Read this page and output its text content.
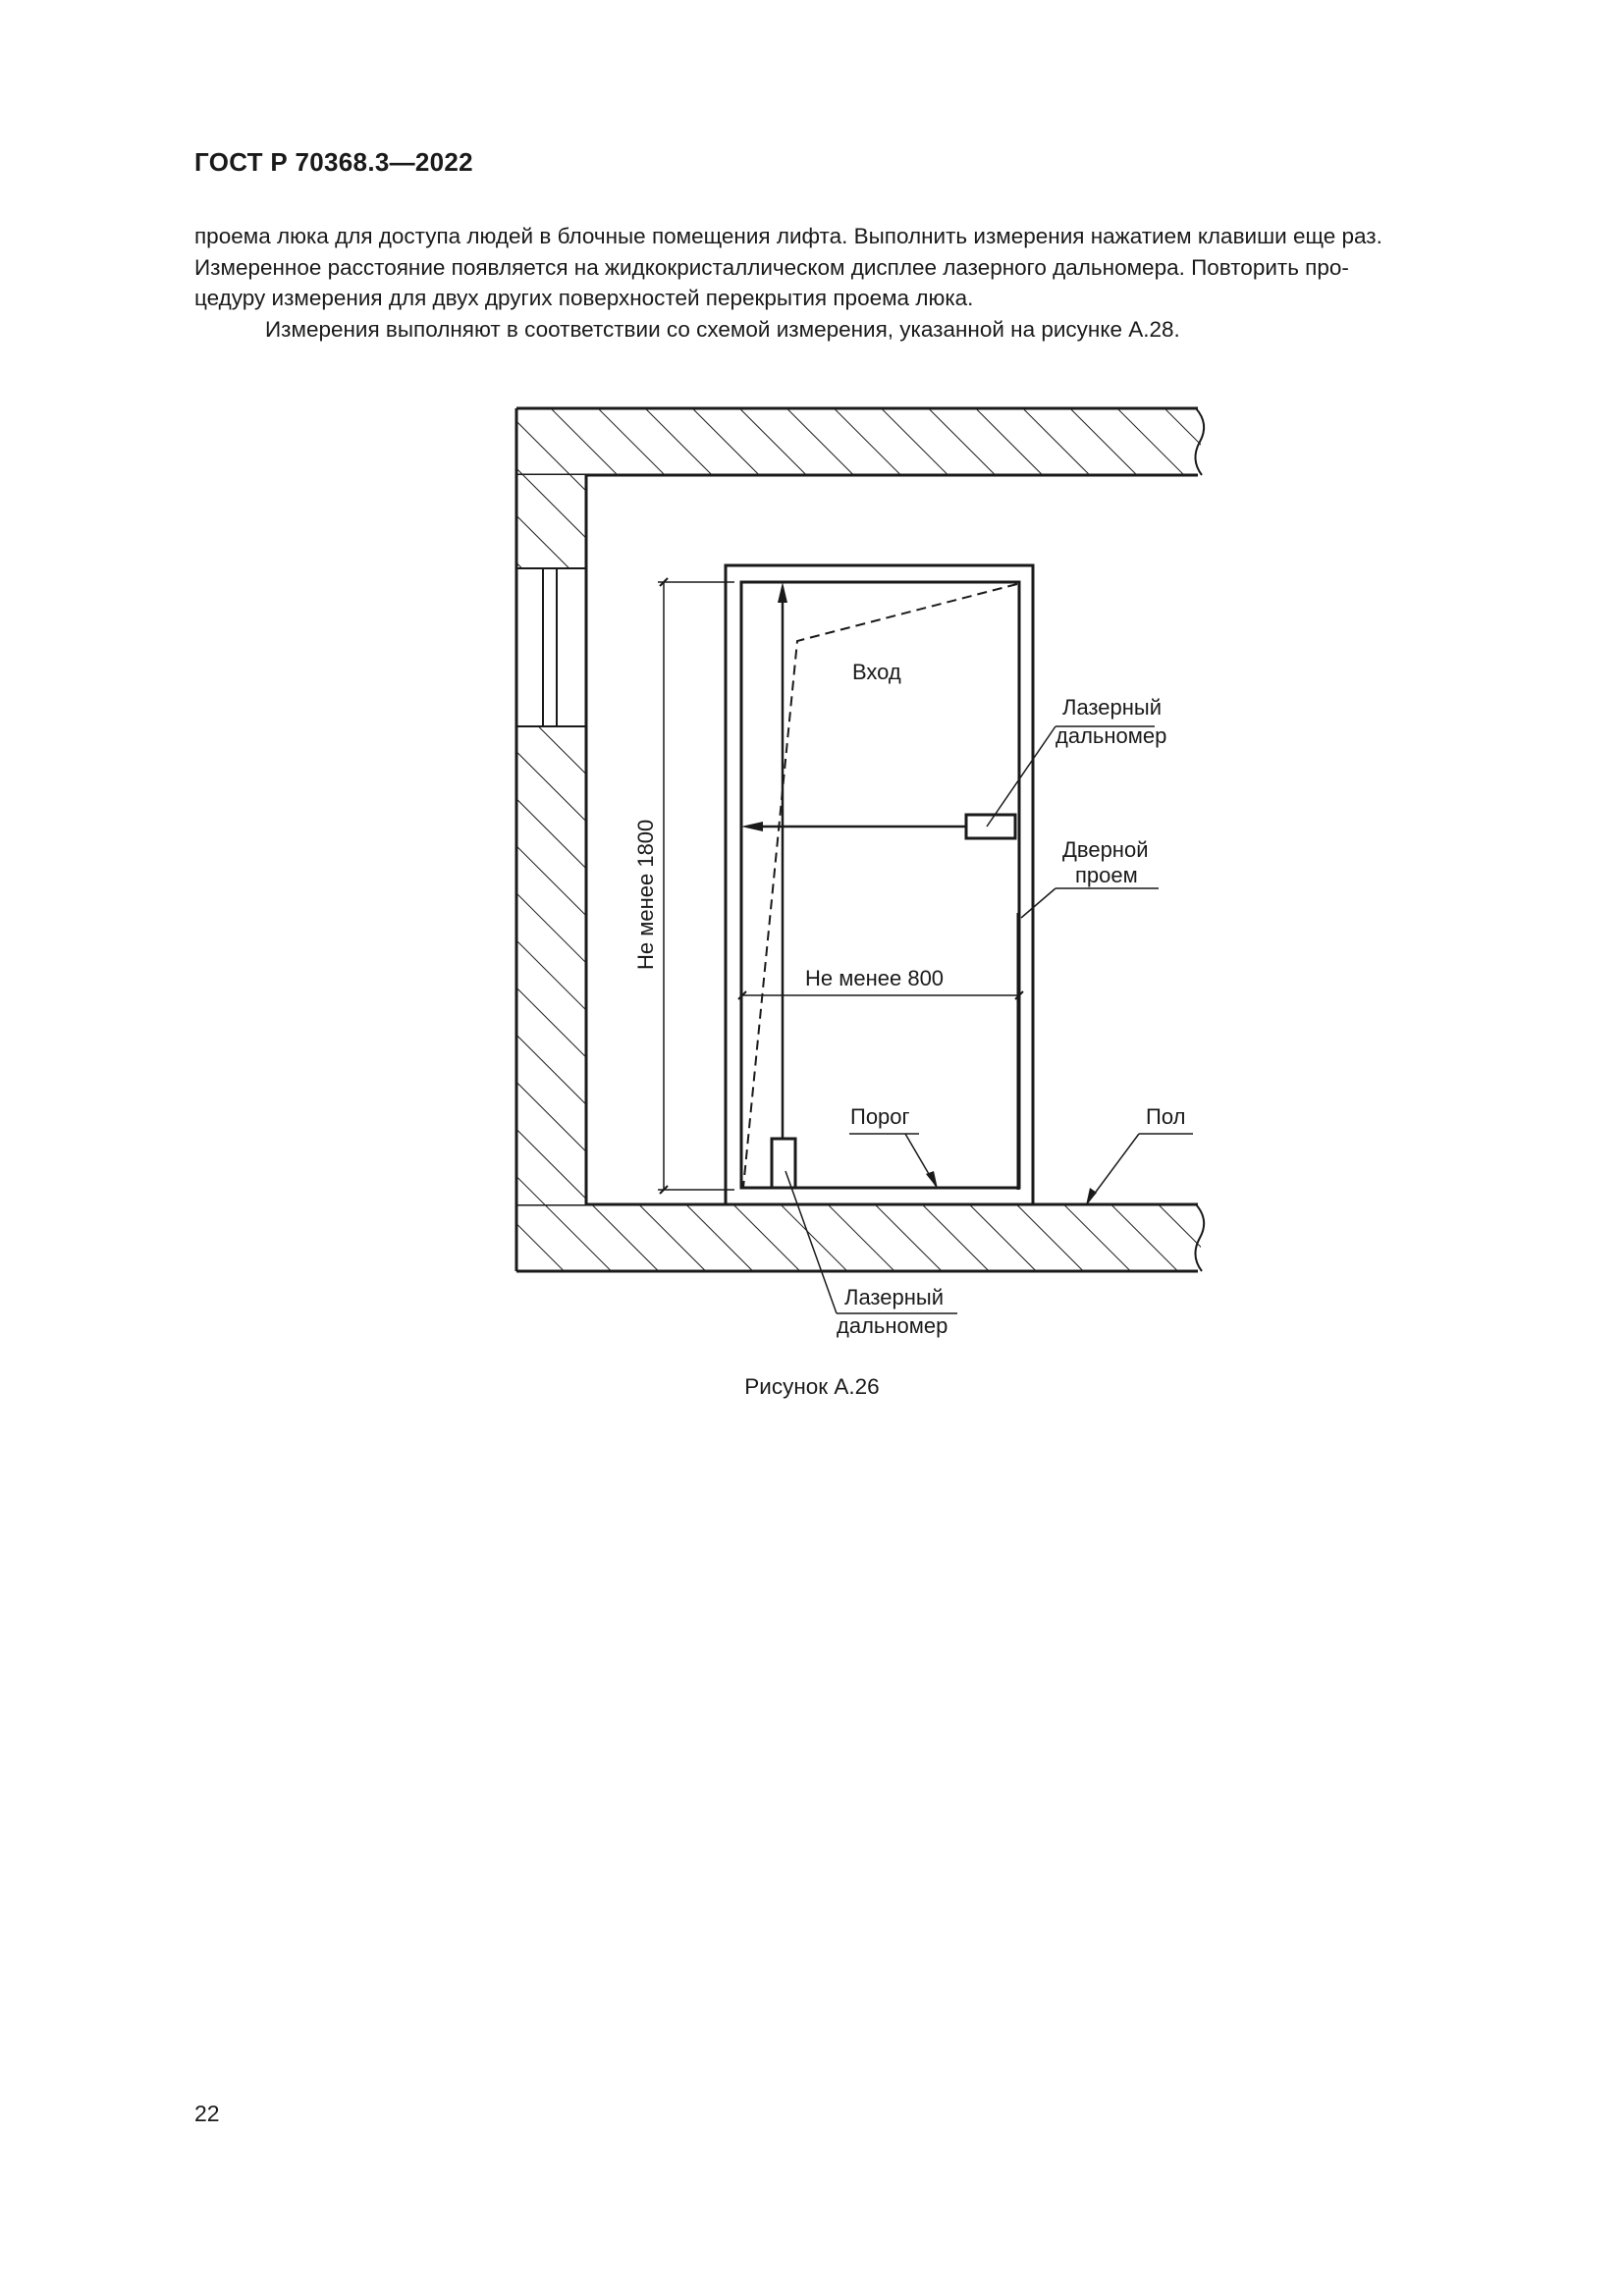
ГОСТ Р 70368.3—2022

проема люка для доступа людей в блочные помещения лифта. Выполнить измерения нажатием клавиши еще раз.

Измеренное расстояние появляется на жидкокристаллическом дисплее лазерного дальномера. Повторить про-

цедуру измерения для двух других поверхностей перекрытия проема люка.

Измерения выполняют в соответствии со схемой измерения, указанной на рисунке А.28.

Вход
Лазерный
дальномер
Дверной
проем
Не менее 800
Не менее 1800
Порог	Пол
Лазерный
дальномер
Рисунок А.26
22
